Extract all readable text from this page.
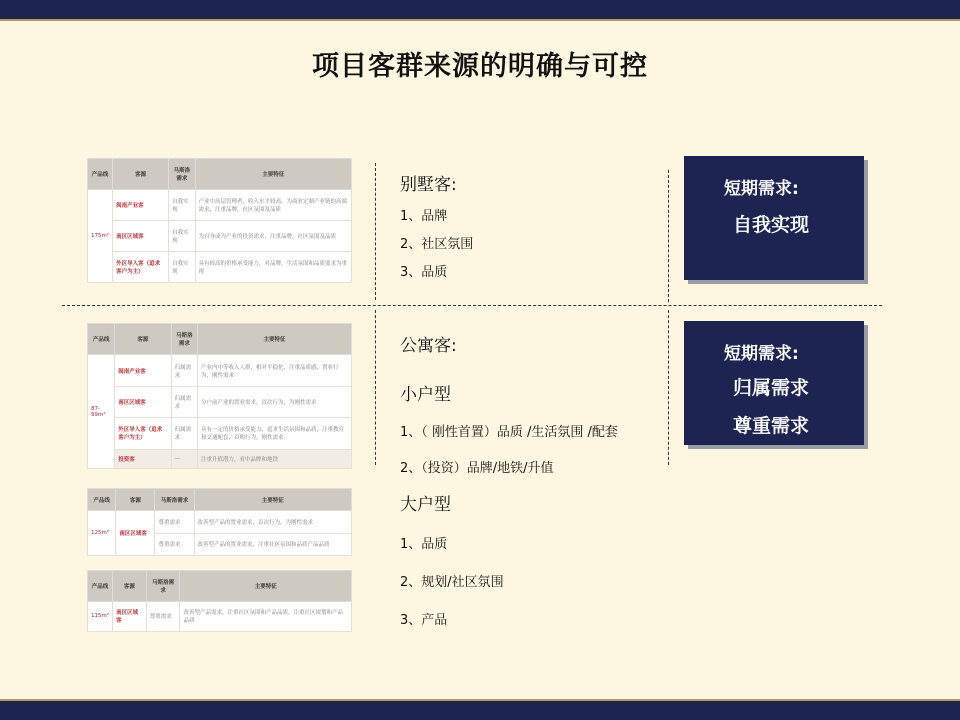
项目客群来源的明确与可控
产品线	客源	马斯洛需求	主要特征
175m²	闽南产业客	自我实现	产业中高层管理者，收入水平较高，为商业定制产业链的高端需求，注重品牌，社区氛围及品质
	南区区域客	自我实现	为自身或为产业的投资需求，注重品牌，社区氛围及品质
	外区导入客（追求客户为主）	自我实现	具有较高的价格承受能力，对品牌，生活氛围和品质要求为重视
产品线	客源	马斯洛需求	主要特征
87-99m²	闽南产业客	归属需求	产业内中等收入人群，相对平稳化，注重品质感，置业行为，刚性需求
	南区区域客	归属需求	分户前产业的置业需求，首次行为，为刚性需求
	外区导入客（追求客户为主）	归属需求	具有一定的价格承受能力，追求生活氛围和品质，注重教育和交通配套，首购行为，刚性需求
	投资客	—	注重升值潜力，看中品牌和地铁
产品线	客源	马斯洛需求	主要特征
125m²	南区区域客	尊重需求	改善型产品的置业需求，首次行为，为刚性需求
		尊重需求	改善型产品的置业需求，注重社区氛围和品质产品品质
产品线	客源	马斯洛需求	主要特征
115m²	南区区域客	尊重需求	改善型产品需求，注重社区氛围和产品品质，注重社区规划和产品品质
别墅客:
1、品牌
2、社区氛围
3、品质
公寓客:
小户型
1、（ 刚性首置）品质 /生活氛围 /配套
2、（投资）品牌/地铁/升值
大户型
1、品质
2、规划/社区氛围
3、产品
短期需求:
自我实现
短期需求:
归属需求
尊重需求
